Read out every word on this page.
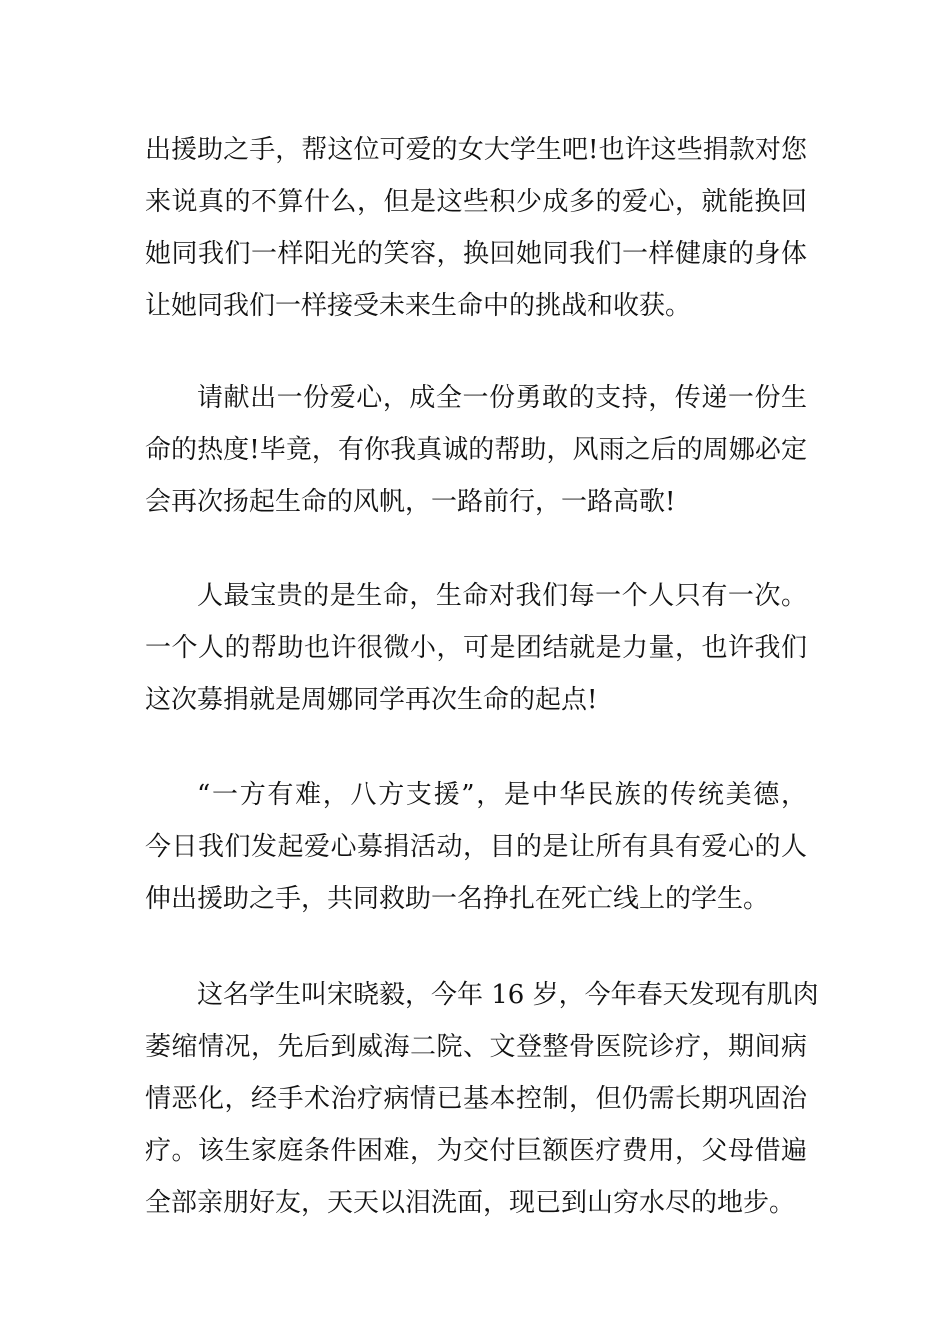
出援助之手，帮这位可爱的女大学生吧!也许这些捐款对您
来说真的不算什么，但是这些积少成多的爱心，就能换回
她同我们一样阳光的笑容，换回她同我们一样健康的身体
让她同我们一样接受未来生命中的挑战和收获。
请献出一份爱心，成全一份勇敢的支持，传递一份生
命的热度!毕竟，有你我真诚的帮助，风雨之后的周娜必定
会再次扬起生命的风帆，一路前行，一路高歌!
人最宝贵的是生命，生命对我们每一个人只有一次。
一个人的帮助也许很微小，可是团结就是力量，也许我们
这次募捐就是周娜同学再次生命的起点!
“一方有难，八方支援”，是中华民族的传统美德，
今日我们发起爱心募捐活动，目的是让所有具有爱心的人
伸出援助之手，共同救助一名挣扎在死亡线上的学生。
这名学生叫宋晓毅，今年 16 岁，今年春天发现有肌肉
萎缩情况，先后到威海二院、文登整骨医院诊疗，期间病
情恶化，经手术治疗病情已基本控制，但仍需长期巩固治
疗。该生家庭条件困难，为交付巨额医疗费用，父母借遍
全部亲朋好友，天天以泪洗面，现已到山穷水尽的地步。
